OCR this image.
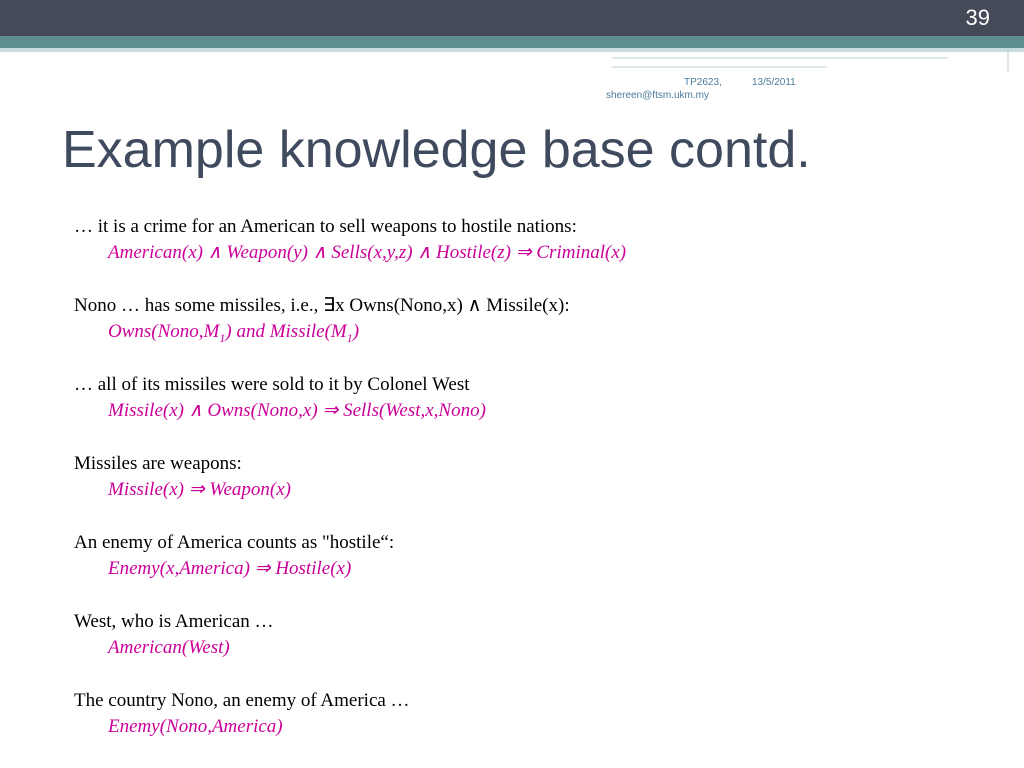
39
TP2623,	13/5/2011
shereen@ftsm.ukm.my
Example knowledge base contd.
… it is a crime for an American to sell weapons to hostile nations:
American(x) ∧ Weapon(y) ∧ Sells(x,y,z) ∧ Hostile(z) ⇒ Criminal(x)
Nono … has some missiles, i.e., ∃x Owns(Nono,x) ∧ Missile(x):
$Owns(Nono,M_1)$ and $Missile(M_1)$
… all of its missiles were sold to it by Colonel West
Missile(x) ∧ Owns(Nono,x) ⇒ Sells(West,x,Nono)
Missiles are weapons:
Missile(x) ⇒ Weapon(x)
An enemy of America counts as "hostile“:
Enemy(x,America) ⇒ Hostile(x)
West, who is American …
American(West)
The country Nono, an enemy of America …
Enemy(Nono,America)
